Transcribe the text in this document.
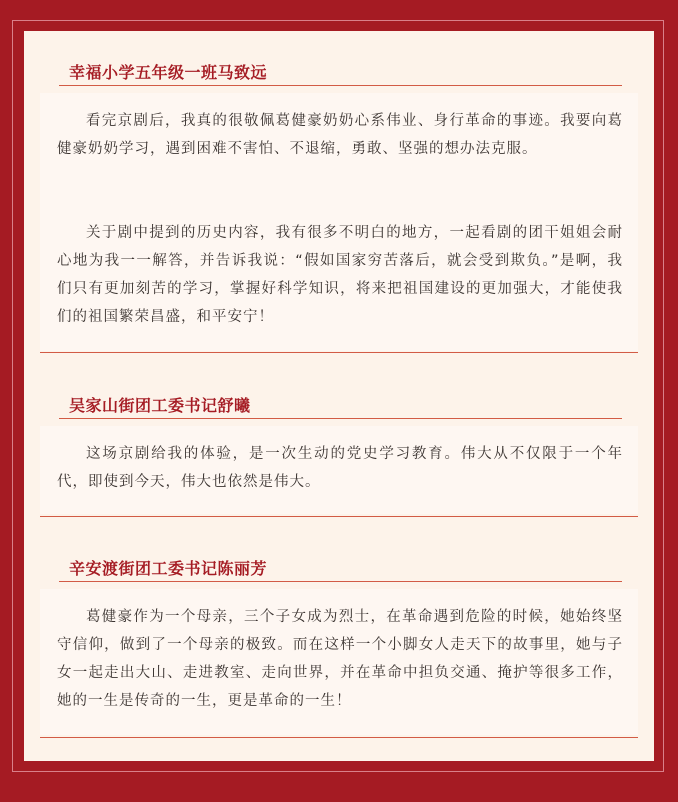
幸福小学五年级一班马致远

看完京剧后，我真的很敬佩葛健豪奶奶心系伟业、身行革命的事迹。我要向葛健豪奶奶学习，遇到困难不害怕、不退缩，勇敢、坚强的想办法克服。

关于剧中提到的历史内容，我有很多不明白的地方，一起看剧的团干姐姐会耐心地为我一一解答，并告诉我说：“假如国家穷苦落后，就会受到欺负。”是啊，我们只有更加刻苦的学习，掌握好科学知识，将来把祖国建设的更加强大，才能使我们的祖国繁荣昌盛，和平安宁！

吴家山街团工委书记舒曦

这场京剧给我的体验，是一次生动的党史学习教育。伟大从不仅限于一个年代，即使到今天，伟大也依然是伟大。

辛安渡街团工委书记陈丽芳

葛健豪作为一个母亲，三个子女成为烈士，在革命遇到危险的时候，她始终坚守信仰，做到了一个母亲的极致。而在这样一个小脚女人走天下的故事里，她与子女一起走出大山、走进教室、走向世界，并在革命中担负交通、掩护等很多工作，她的一生是传奇的一生，更是革命的一生！
